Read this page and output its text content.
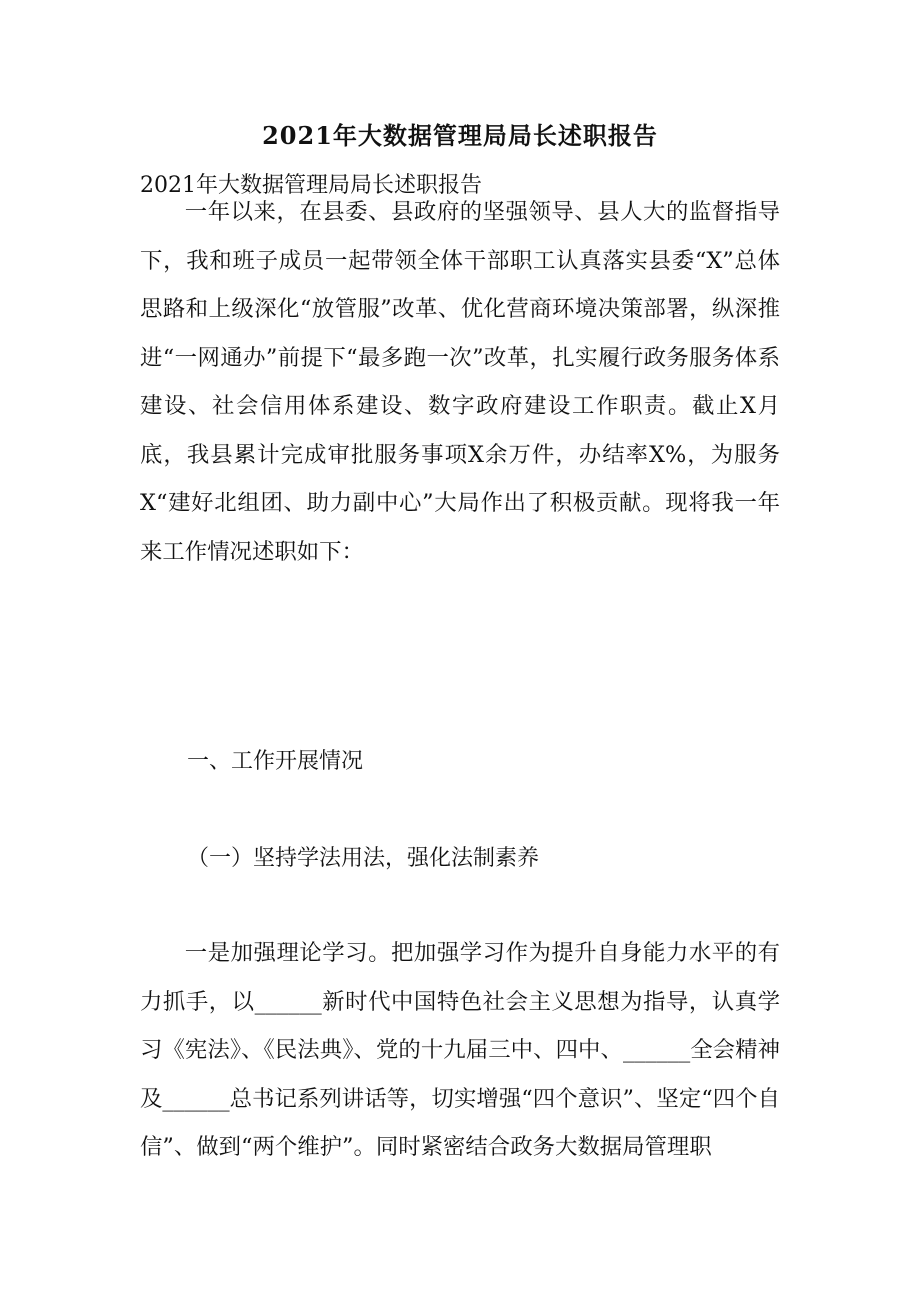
2021年大数据管理局局长述职报告
2021年大数据管理局局长述职报告

一年以来，在县委、县政府的坚强领导、县人大的监督指导下，我和班子成员一起带领全体干部职工认真落实县委“X”总体思路和上级深化“放管服”改革、优化营商环境决策部署，纵深推进“一网通办”前提下“最多跑一次”改革，扎实履行政务服务体系建设、社会信用体系建设、数字政府建设工作职责。截止X月底，我县累计完成审批服务事项X余万件，办结率X%，为服务X“建好北组团、助力副中心”大局作出了积极贡献。现将我一年来工作情况述职如下：

一、工作开展情况
（一）坚持学法用法，强化法制素养

一是加强理论学习。把加强学习作为提升自身能力水平的有力抓手，以______新时代中国特色社会主义思想为指导，认真学习《宪法》、《民法典》、党的十九届三中、四中、______全会精神及______总书记系列讲话等，切实增强“四个意识”、坚定“四个自信”、做到“两个维护”。同时紧密结合政务大数据局管理职
